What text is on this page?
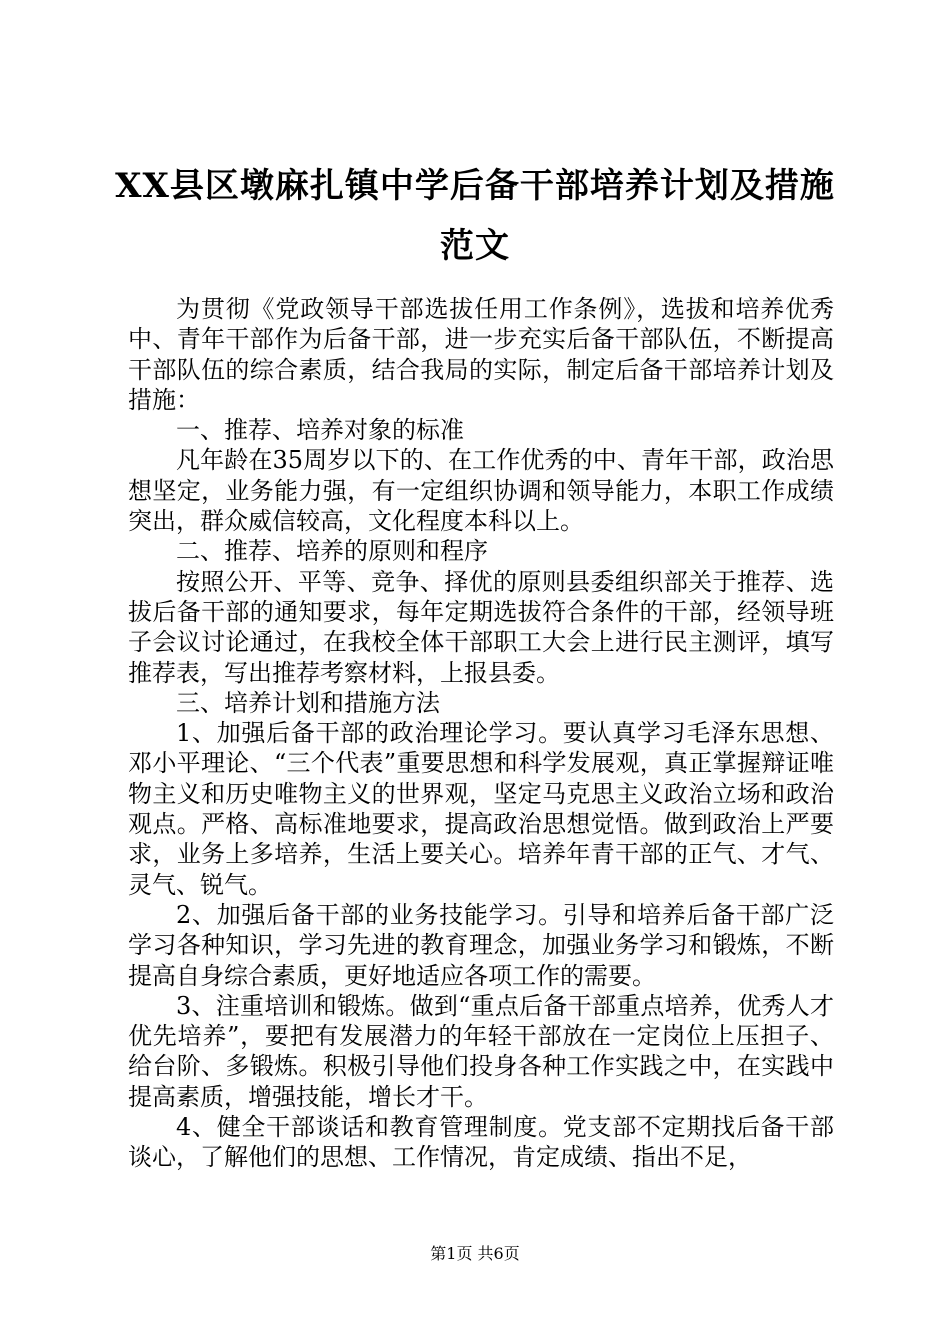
XX县区墩麻扎镇中学后备干部培养计划及措施范文

为贯彻《党政领导干部选拔任用工作条例》，选拔和培养优秀中、青年干部作为后备干部，进一步充实后备干部队伍，不断提高干部队伍的综合素质，结合我局的实际，制定后备干部培养计划及措施：

一、推荐、培养对象的标准

凡年龄在35周岁以下的、在工作优秀的中、青年干部，政治思想坚定，业务能力强，有一定组织协调和领导能力，本职工作成绩突出，群众威信较高，文化程度本科以上。

二、推荐、培养的原则和程序

按照公开、平等、竞争、择优的原则县委组织部关于推荐、选拔后备干部的通知要求，每年定期选拔符合条件的干部，经领导班子会议讨论通过，在我校全体干部职工大会上进行民主测评，填写推荐表，写出推荐考察材料，上报县委。

三、培养计划和措施方法

1、加强后备干部的政治理论学习。要认真学习毛泽东思想、邓小平理论、“三个代表”重要思想和科学发展观，真正掌握辩证唯物主义和历史唯物主义的世界观，坚定马克思主义政治立场和政治观点。严格、高标准地要求，提高政治思想觉悟。做到政治上严要求，业务上多培养，生活上要关心。培养年青干部的正气、才气、灵气、锐气。

2、加强后备干部的业务技能学习。引导和培养后备干部广泛学习各种知识，学习先进的教育理念，加强业务学习和锻炼，不断提高自身综合素质，更好地适应各项工作的需要。

3、注重培训和锻炼。做到“重点后备干部重点培养，优秀人才优先培养”，要把有发展潜力的年轻干部放在一定岗位上压担子、给台阶、多锻炼。积极引导他们投身各种工作实践之中，在实践中提高素质，增强技能，增长才干。

4、健全干部谈话和教育管理制度。党支部不定期找后备干部谈心，了解他们的思想、工作情况，肯定成绩、指出不足，

第1页 共6页
